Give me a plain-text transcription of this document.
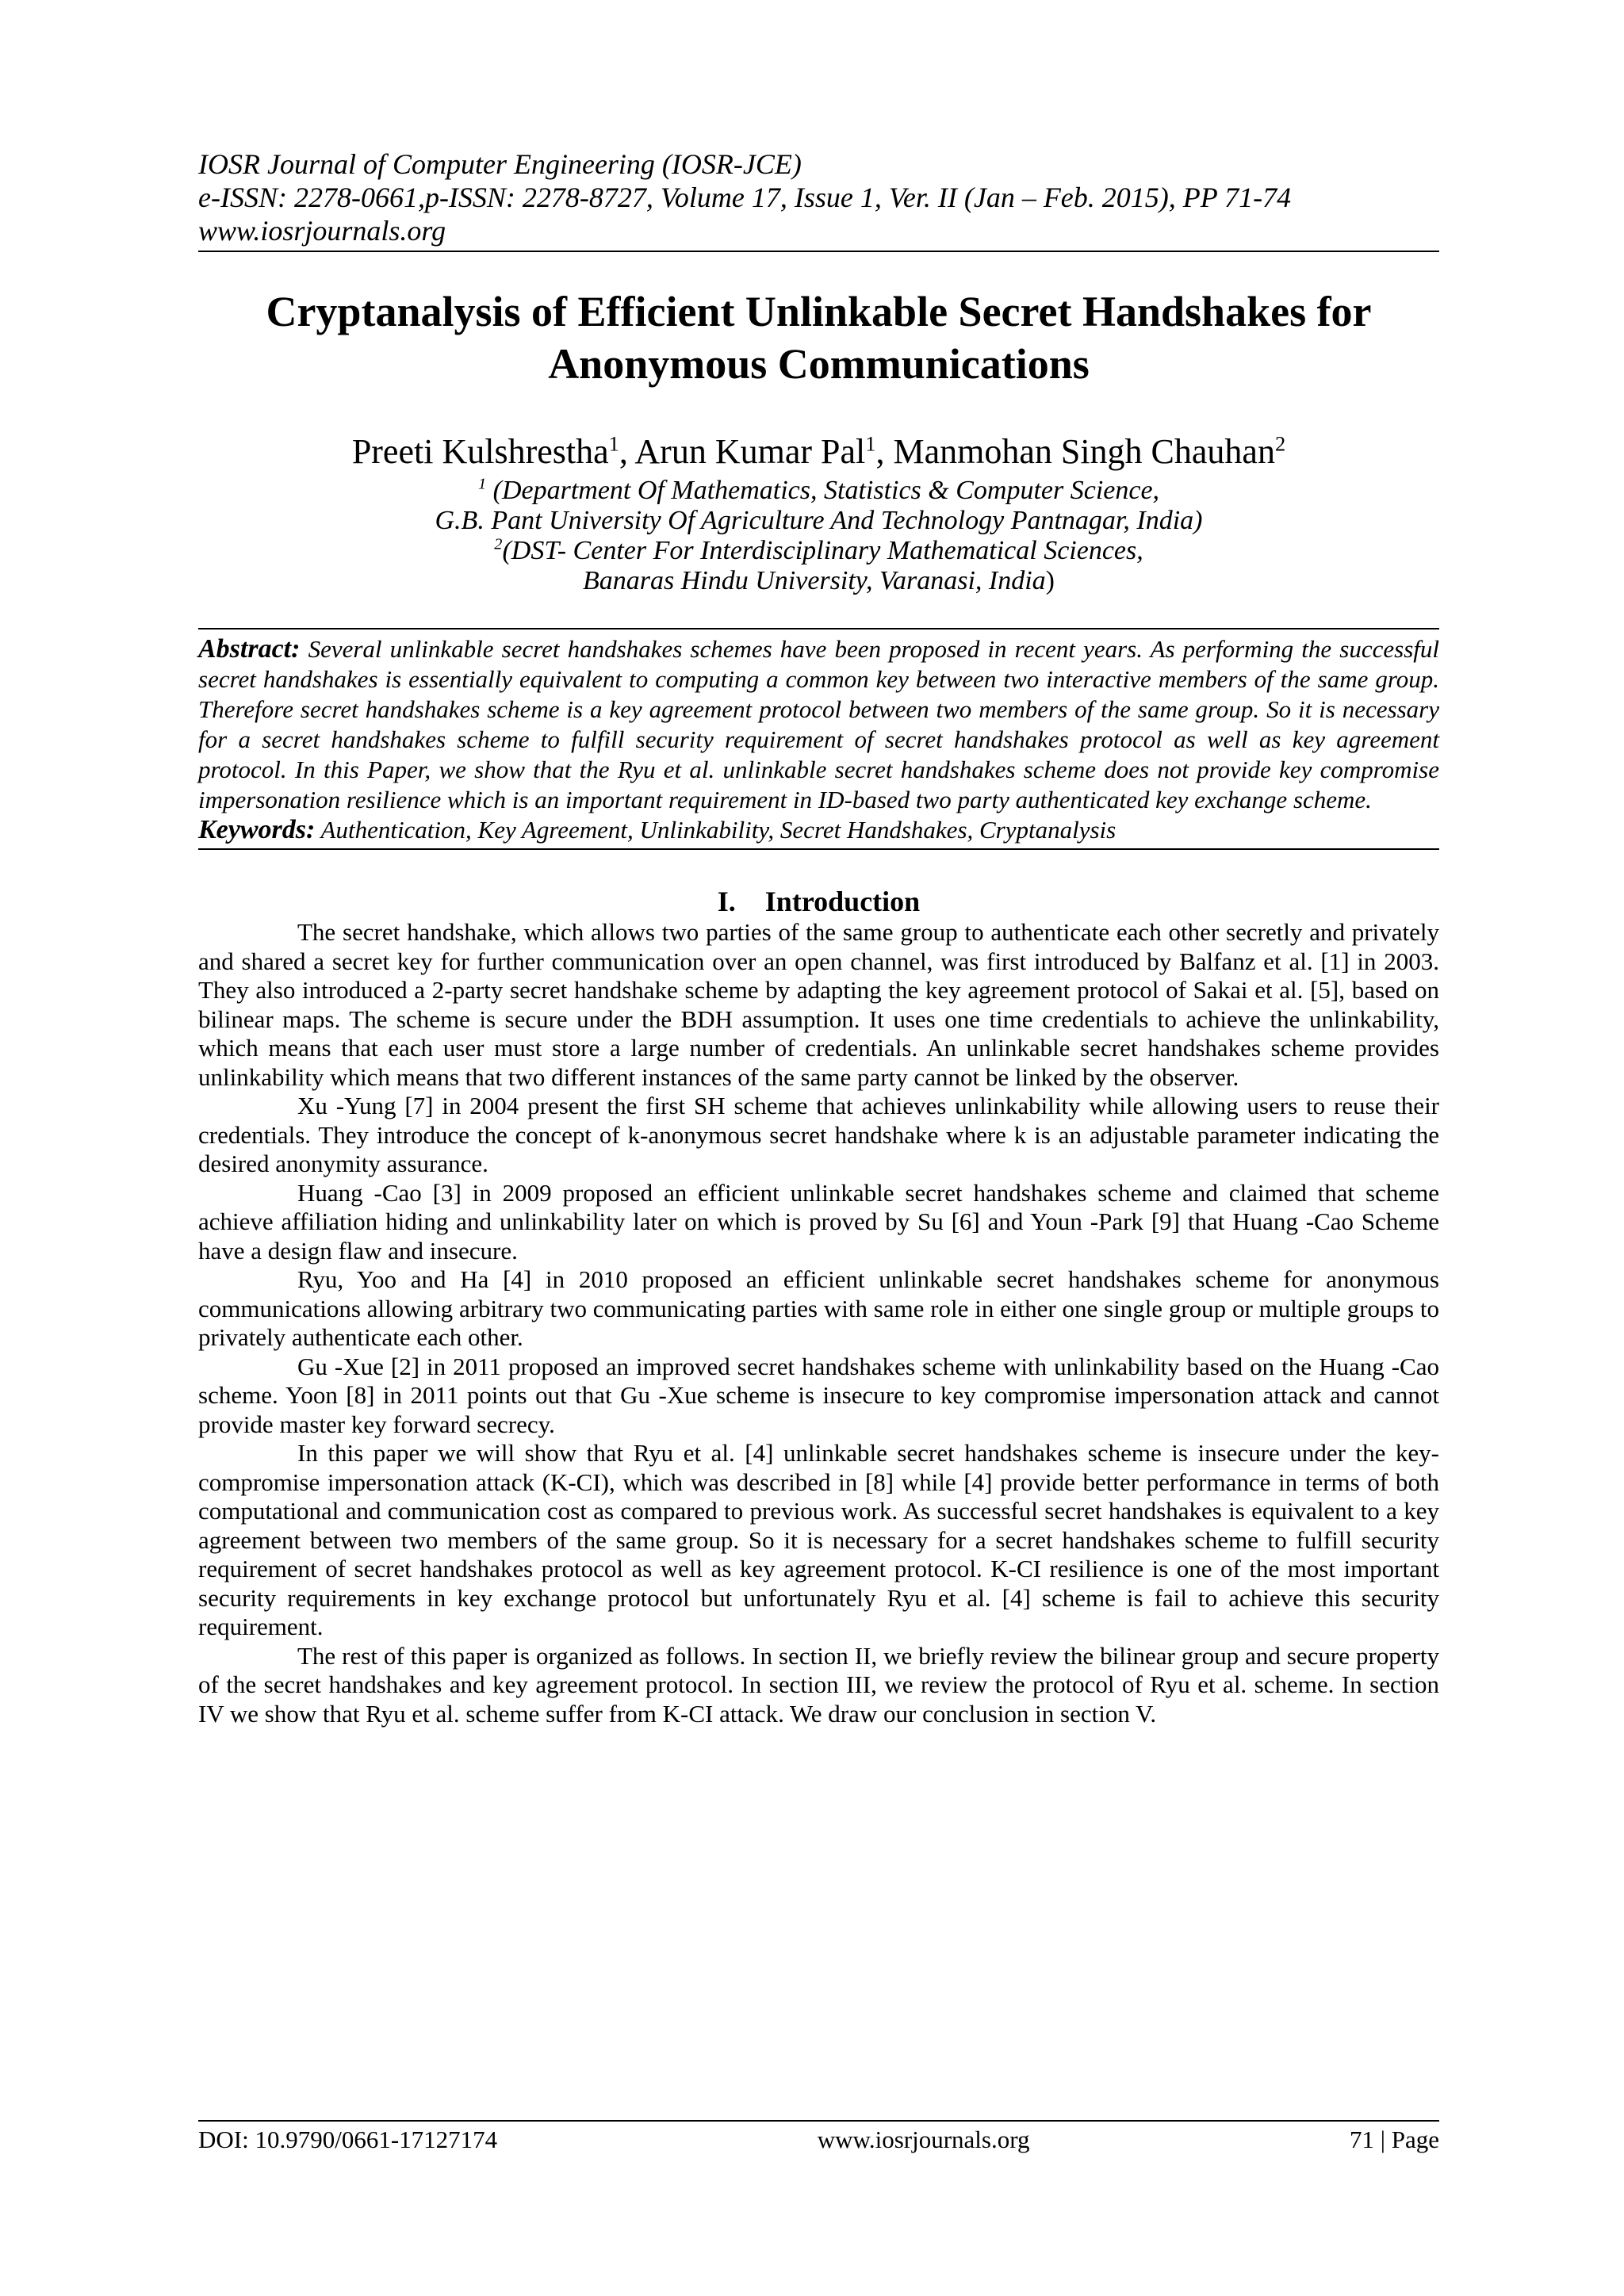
IOSR Journal of Computer Engineering (IOSR-JCE)
e-ISSN: 2278-0661,p-ISSN: 2278-8727, Volume 17, Issue 1, Ver. II (Jan – Feb. 2015), PP 71-74
www.iosrjournals.org
Cryptanalysis of Efficient Unlinkable Secret Handshakes for
Anonymous Communications
Preeti Kulshrestha$^1$, Arun Kumar Pal$^1$, Manmohan Singh Chauhan$^2$
$^1$ (Department Of Mathematics, Statistics & Computer Science,
G.B. Pant University Of Agriculture And Technology Pantnagar, India)
$^2$(DST- Center For Interdisciplinary Mathematical Sciences,
Banaras Hindu University, Varanasi, India)
Abstract: Several unlinkable secret handshakes schemes have been proposed in recent years. As performing the successful secret handshakes is essentially equivalent to computing a common key between two interactive members of the same group. Therefore secret handshakes scheme is a key agreement protocol between two members of the same group. So it is necessary for a secret handshakes scheme to fulfill security requirement of secret handshakes protocol as well as key agreement protocol. In this Paper, we show that the Ryu et al. unlinkable secret handshakes scheme does not provide key compromise impersonation resilience which is an important requirement in ID-based two party authenticated key exchange scheme.
Keywords: Authentication, Key Agreement, Unlinkability, Secret Handshakes, Cryptanalysis
I. Introduction

The secret handshake, which allows two parties of the same group to authenticate each other secretly and privately and shared a secret key for further communication over an open channel, was first introduced by Balfanz et al. [1] in 2003. They also introduced a 2-party secret handshake scheme by adapting the key agreement protocol of Sakai et al. [5], based on bilinear maps. The scheme is secure under the BDH assumption. It uses one time credentials to achieve the unlinkability, which means that each user must store a large number of credentials. An unlinkable secret handshakes scheme provides unlinkability which means that two different instances of the same party cannot be linked by the observer.

Xu -Yung [7] in 2004 present the first SH scheme that achieves unlinkability while allowing users to reuse their credentials. They introduce the concept of k-anonymous secret handshake where k is an adjustable parameter indicating the desired anonymity assurance.

Huang -Cao [3] in 2009 proposed an efficient unlinkable secret handshakes scheme and claimed that scheme achieve affiliation hiding and unlinkability later on which is proved by Su [6] and Youn -Park [9] that Huang -Cao Scheme have a design flaw and insecure.

Ryu, Yoo and Ha [4] in 2010 proposed an efficient unlinkable secret handshakes scheme for anonymous communications allowing arbitrary two communicating parties with same role in either one single group or multiple groups to privately authenticate each other.

Gu -Xue [2] in 2011 proposed an improved secret handshakes scheme with unlinkability based on the Huang -Cao scheme. Yoon [8] in 2011 points out that Gu -Xue scheme is insecure to key compromise impersonation attack and cannot provide master key forward secrecy.

In this paper we will show that Ryu et al. [4] unlinkable secret handshakes scheme is insecure under the key-compromise impersonation attack (K-CI), which was described in [8] while [4] provide better performance in terms of both computational and communication cost as compared to previous work. As successful secret handshakes is equivalent to a key agreement between two members of the same group. So it is necessary for a secret handshakes scheme to fulfill security requirement of secret handshakes protocol as well as key agreement protocol. K-CI resilience is one of the most important security requirements in key exchange protocol but unfortunately Ryu et al. [4] scheme is fail to achieve this security requirement.

The rest of this paper is organized as follows. In section II, we briefly review the bilinear group and secure property of the secret handshakes and key agreement protocol. In section III, we review the protocol of Ryu et al. scheme. In section IV we show that Ryu et al. scheme suffer from K-CI attack. We draw our conclusion in section V.

DOI: 10.9790/0661-17127174	www.iosrjournals.org	71 | Page
